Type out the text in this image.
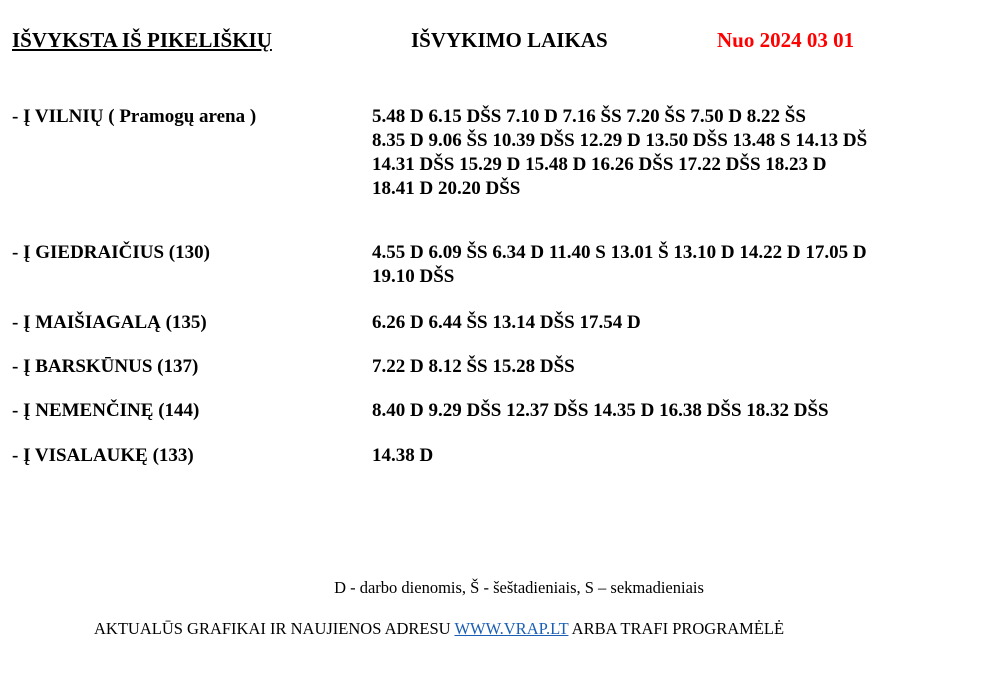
IŠVYKSTA IŠ PIKELIŠKIŲ	IŠVYKIMO LAIKAS	Nuo 2024 03 01
- Į VILNIŲ ( Pramogų arena )	5.48 D 6.15 DŠS 7.10 D 7.16 ŠS 7.20 ŠS 7.50 D 8.22 ŠS
8.35 D 9.06 ŠS 10.39 DŠS 12.29 D 13.50 DŠS 13.48 S 14.13 DŠ
14.31 DŠS 15.29 D 15.48 D 16.26 DŠS 17.22 DŠS 18.23 D
18.41 D 20.20 DŠS
- Į GIEDRAIČIUS (130)	4.55 D 6.09 ŠS 6.34 D 11.40 S 13.01 Š 13.10 D 14.22 D 17.05 D
19.10 DŠS
- Į MAIŠIAGALĄ (135)	6.26 D 6.44 ŠS 13.14 DŠS 17.54 D
- Į BARSKŪNUS (137)	7.22 D 8.12 ŠS 15.28 DŠS
- Į NEMENČINĘ (144)	8.40 D 9.29 DŠS 12.37 DŠS 14.35 D 16.38 DŠS 18.32 DŠS
- Į VISALAUKĘ (133)	14.38 D
D - darbo dienomis, Š - šeštadieniais, S – sekmadieniais
AKTUALŪS GRAFIKAI IR NAUJIENOS ADRESU WWW.VRAP.LT ARBA TRAFI PROGRAMĖLĖ
